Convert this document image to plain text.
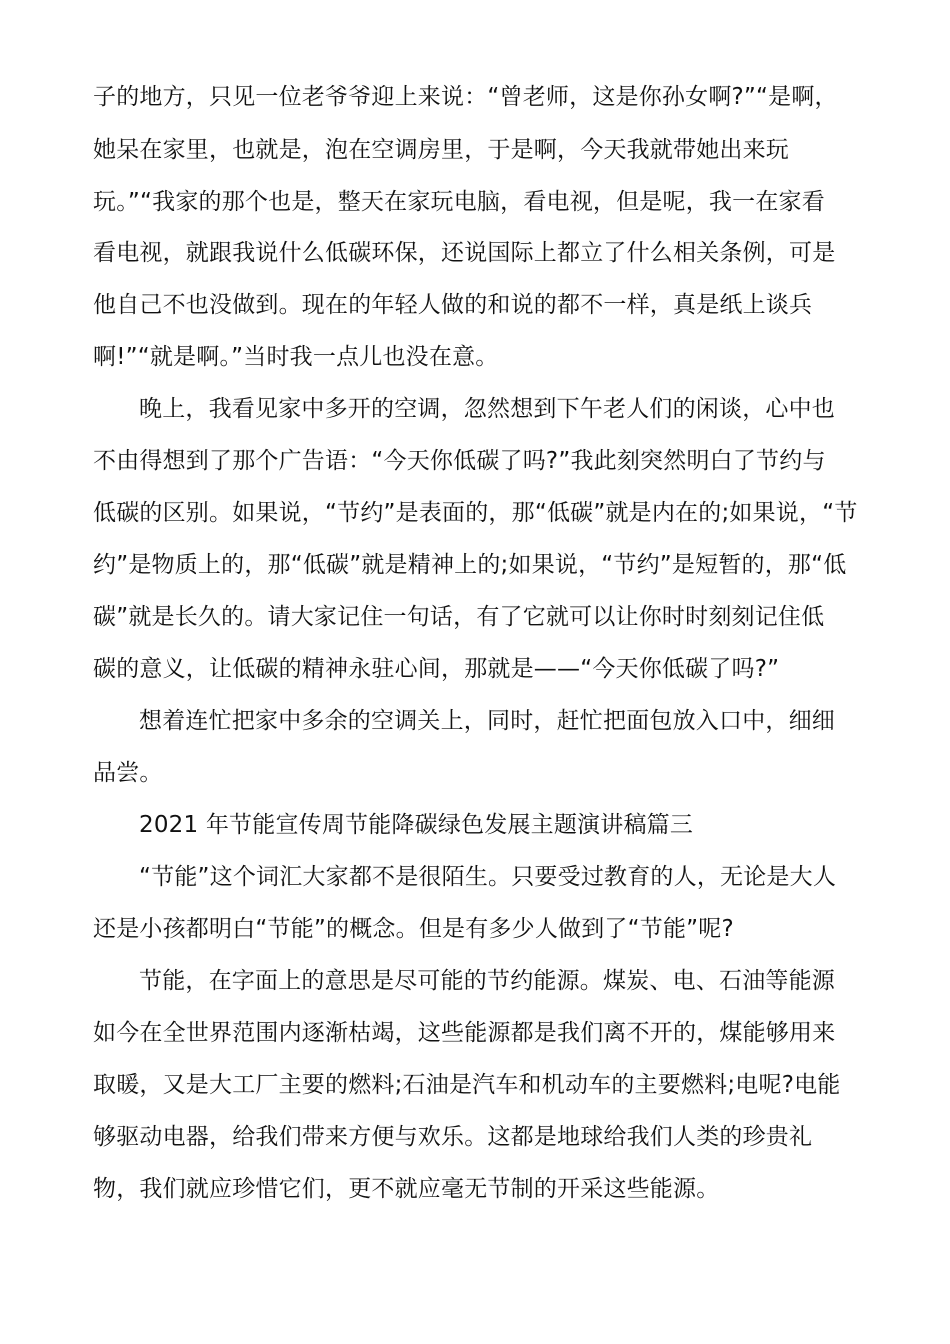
子的地方，只见一位老爷爷迎上来说：“曾老师，这是你孙女啊?”“是啊，

她呆在家里，也就是，泡在空调房里，于是啊，今天我就带她出来玩

玩。”“我家的那个也是，整天在家玩电脑，看电视，但是呢，我一在家看

看电视，就跟我说什么低碳环保，还说国际上都立了什么相关条例，可是

他自己不也没做到。现在的年轻人做的和说的都不一样，真是纸上谈兵

啊!”“就是啊。”当时我一点儿也没在意。

晚上，我看见家中多开的空调，忽然想到下午老人们的闲谈，心中也

不由得想到了那个广告语：“今天你低碳了吗?”我此刻突然明白了节约与

低碳的区别。如果说，“节约”是表面的，那“低碳”就是内在的;如果说，“节

约”是物质上的，那“低碳”就是精神上的;如果说，“节约”是短暂的，那“低

碳”就是长久的。请大家记住一句话，有了它就可以让你时时刻刻记住低

碳的意义，让低碳的精神永驻心间，那就是——“今天你低碳了吗?”

想着连忙把家中多余的空调关上，同时，赶忙把面包放入口中，细细

品尝。

2021 年节能宣传周节能降碳绿色发展主题演讲稿篇三

“节能”这个词汇大家都不是很陌生。只要受过教育的人，无论是大人

还是小孩都明白“节能”的概念。但是有多少人做到了“节能”呢?

节能，在字面上的意思是尽可能的节约能源。煤炭、电、石油等能源

如今在全世界范围内逐渐枯竭，这些能源都是我们离不开的，煤能够用来

取暖，又是大工厂主要的燃料;石油是汽车和机动车的主要燃料;电呢?电能

够驱动电器，给我们带来方便与欢乐。这都是地球给我们人类的珍贵礼

物，我们就应珍惜它们，更不就应毫无节制的开采这些能源。
